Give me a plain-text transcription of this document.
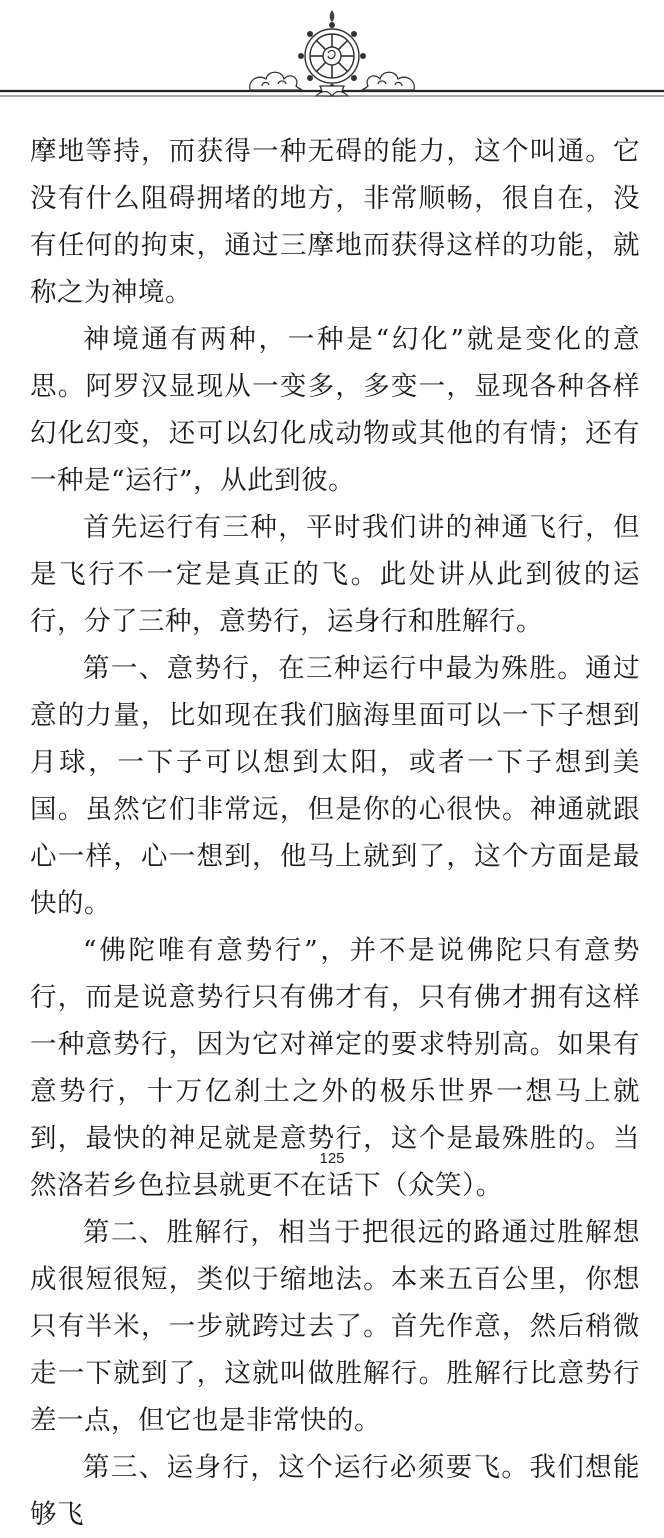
摩地等持，而获得一种无碍的能力，这个叫通。它没有什么阻碍拥堵的地方，非常顺畅，很自在，没有任何的拘束，通过三摩地而获得这样的功能，就称之为神境。

神境通有两种，一种是“幻化”就是变化的意思。阿罗汉显现从一变多，多变一，显现各种各样幻化幻变，还可以幻化成动物或其他的有情；还有一种是“运行”，从此到彼。

首先运行有三种，平时我们讲的神通飞行，但是飞行不一定是真正的飞。此处讲从此到彼的运行，分了三种，意势行，运身行和胜解行。

第一、意势行，在三种运行中最为殊胜。通过意的力量，比如现在我们脑海里面可以一下子想到月球，一下子可以想到太阳，或者一下子想到美国。虽然它们非常远，但是你的心很快。神通就跟心一样，心一想到，他马上就到了，这个方面是最快的。

“佛陀唯有意势行”，并不是说佛陀只有意势行，而是说意势行只有佛才有，只有佛才拥有这样一种意势行，因为它对禅定的要求特别高。如果有意势行，十万亿刹土之外的极乐世界一想马上就到，最快的神足就是意势行，这个是最殊胜的。当然洛若乡色拉县就更不在话下（众笑）。

第二、胜解行，相当于把很远的路通过胜解想成很短很短，类似于缩地法。本来五百公里，你想只有半米，一步就跨过去了。首先作意，然后稍微走一下就到了，这就叫做胜解行。胜解行比意势行差一点，但它也是非常快的。

第三、运身行，这个运行必须要飞。我们想能够飞

125
